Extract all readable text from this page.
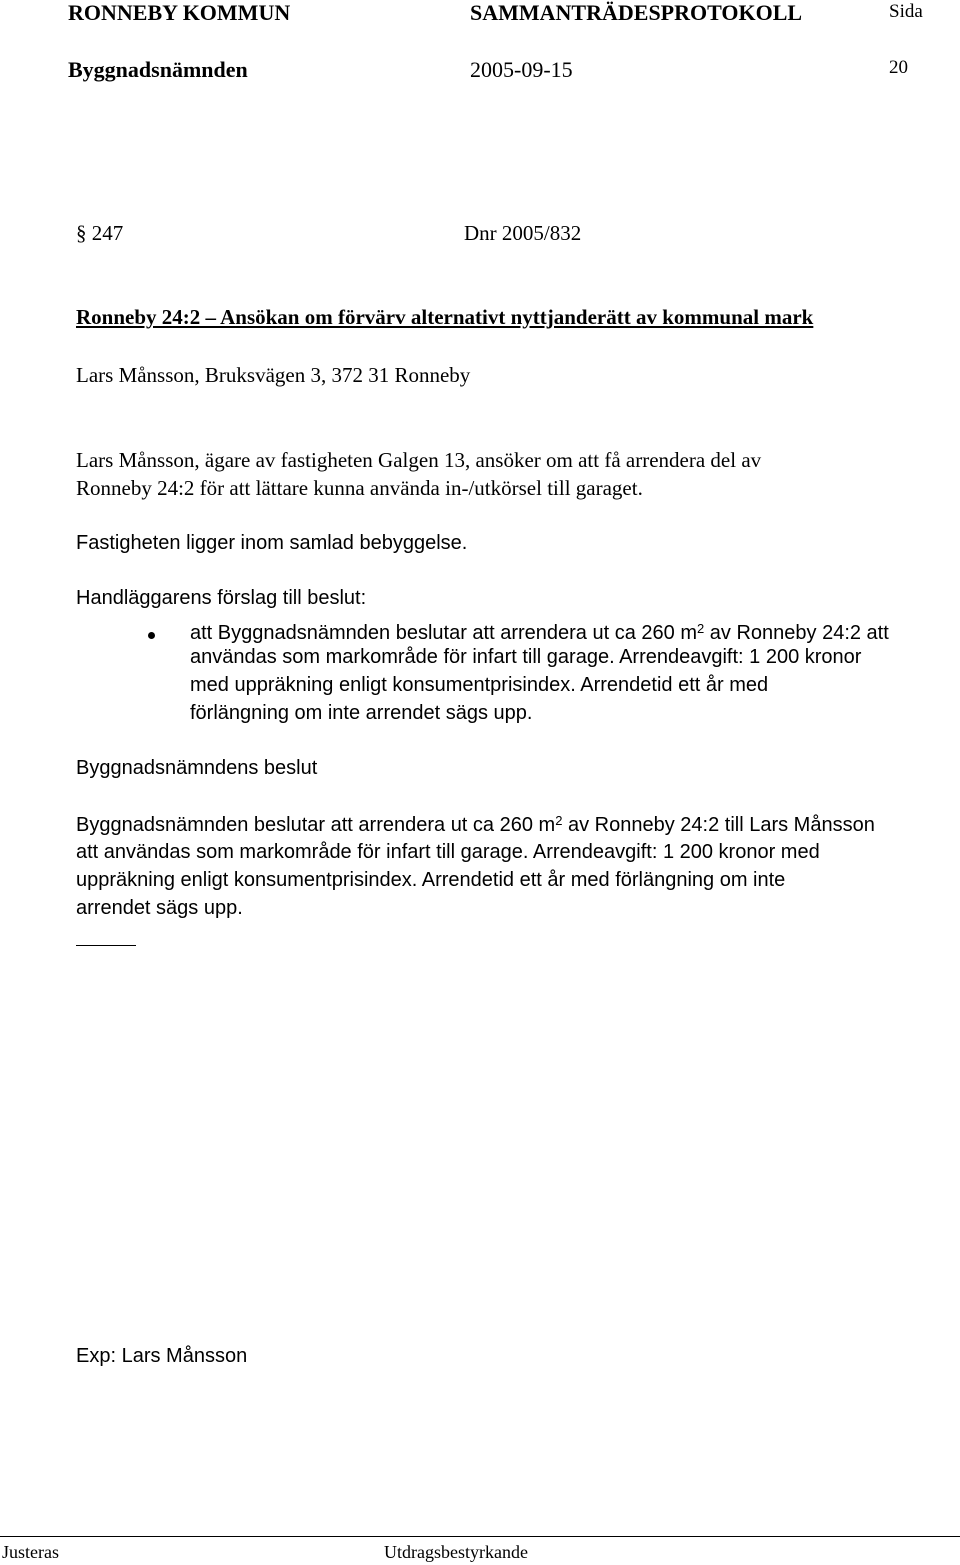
RONNEBY KOMMUN	SAMMANTRÄDESPROTOKOLL	Sida
Byggnadsnämnden	2005-09-15	20
§ 247	Dnr 2005/832
Ronneby 24:2 – Ansökan om förvärv alternativt nyttjanderätt av kommunal mark
Lars Månsson, Bruksvägen 3, 372 31 Ronneby
Lars Månsson, ägare av fastigheten Galgen 13, ansöker om att få arrendera del av
Ronneby 24:2 för att lättare kunna använda in-/utkörsel till garaget.
Fastigheten ligger inom samlad bebyggelse.
Handläggarens förslag till beslut:
att Byggnadsnämnden beslutar att arrendera ut ca 260 $m^2$ av Ronneby 24:2 att
användas som markområde för infart till garage. Arrendeavgift: 1 200 kronor
med uppräkning enligt konsumentprisindex. Arrendetid ett år med
förlängning om inte arrendet sägs upp.
Byggnadsnämndens beslut
Byggnadsnämnden beslutar att arrendera ut ca 260 $m^2$ av Ronneby 24:2 till Lars Månsson
att användas som markområde för infart till garage. Arrendeavgift: 1 200 kronor med
uppräkning enligt konsumentprisindex. Arrendetid ett år med förlängning om inte
arrendet sägs upp.
Exp: Lars Månsson
Justeras	Utdragsbestyrkande
